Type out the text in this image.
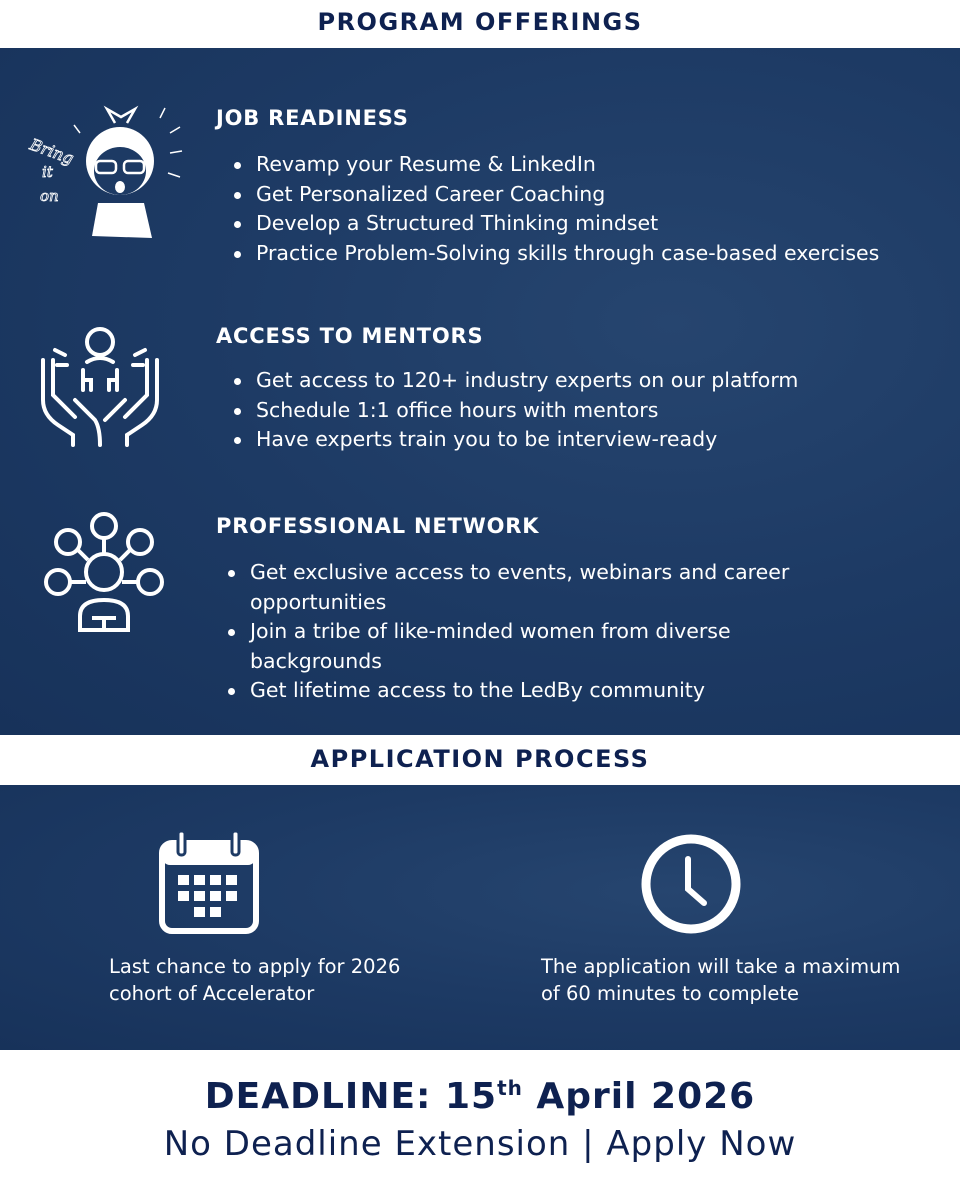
PROGRAM OFFERINGS
Bring
it
on
JOB READINESS
Revamp your Resume & LinkedIn
Get Personalized Career Coaching
Develop a Structured Thinking mindset
Practice Problem-Solving skills through case-based exercises
ACCESS TO MENTORS
Get access to 120+ industry experts on our platform
Schedule 1:1 office hours with mentors
Have experts train you to be interview-ready
PROFESSIONAL NETWORK
Get exclusive access to events, webinars and career opportunities
Join a tribe of like-minded women from diverse backgrounds
Get lifetime access to the LedBy community
APPLICATION PROCESS
Last chance to apply for 2026 cohort of Accelerator
The application will take a maximum of 60 minutes to complete
DEADLINE: 15th April 2026
No Deadline Extension | Apply Now
